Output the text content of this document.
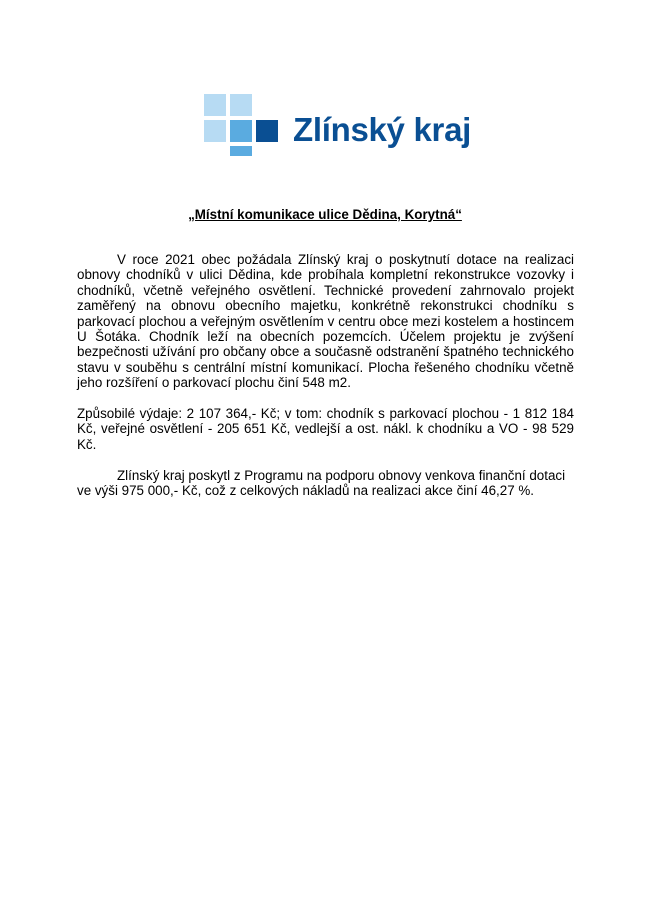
Zlínský kraj
„Místní komunikace ulice Dědina, Korytná“

V roce 2021 obec požádala Zlínský kraj o poskytnutí dotace na realizaci obnovy chodníků v ulici Dědina, kde probíhala kompletní rekonstrukce vozovky i chodníků, včetně veřejného osvětlení. Technické provedení zahrnovalo projekt zaměřený na obnovu obecního majetku, konkrétně rekonstrukci chodníku s parkovací plochou a veřejným osvětlením v centru obce mezi kostelem a hostincem U Šotáka. Chodník leží na obecních pozemcích. Účelem projektu je zvýšení bezpečnosti užívání pro občany obce a současně odstranění špatného technického stavu v souběhu s centrální místní komunikací. Plocha řešeného chodníku včetně jeho rozšíření o parkovací plochu činí 548 m2.

Způsobilé výdaje: 2 107 364,- Kč; v tom: chodník s parkovací plochou - 1 812 184 Kč, veřejné osvětlení - 205 651 Kč, vedlejší a ost. nákl. k chodníku a VO - 98 529 Kč.

Zlínský kraj poskytl z Programu na podporu obnovy venkova finanční dotaci ve výši 975 000,- Kč, což z celkových nákladů na realizaci akce činí 46,27 %.
